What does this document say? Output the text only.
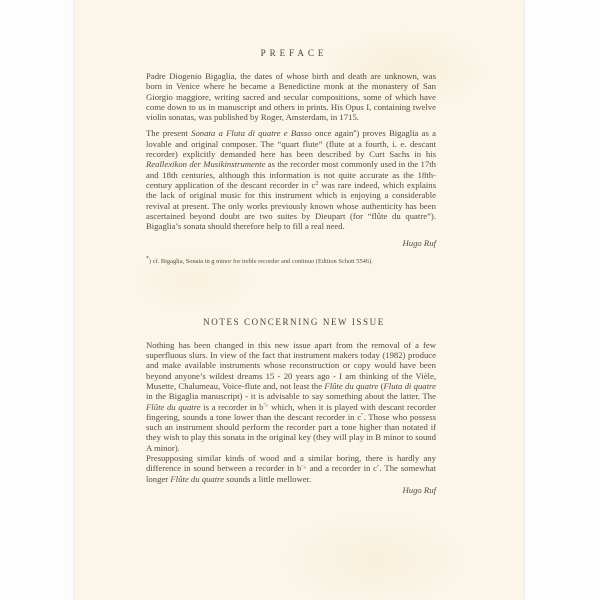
PREFACE

Padre Diogenio Bigaglia, the dates of whose birth and death are unknown, was born in Venice where he became a Benedictine monk at the monastery of San Giorgio maggiore, writing sacred and secular compositions, some of which have come down to us in manuscript and others in prints. His Opus I, containing twelve violin sonatas, was published by Roger, Amsterdam, in 1715.

The present Sonata a Fluta di quatre e Basso once again*) proves Bigaglia as a lovable and original composer. The “quart flute” (flute at a fourth, i. e. descant recorder) explicitly demanded here has been described by Curt Sachs in his Reallexikon der Musikinstrumente as the recorder most commonly used in the 17th and 18th centuries, although this information is not quite accurate as the 18th-century application of the descant recorder in $c^2$ was rare indeed, which explains the lack of original music for this instrument which is enjoying a considerable revival at present. The only works previously known whose authenticity has been ascertained beyond doubt are two suites by Dieupart (for “flûte du quatre”). Bigaglia’s sonata should therefore help to fill a real need.

Hugo Ruf
*) cf. Bigaglia, Sonata in g minor for treble recorder and continuo (Edition Schott 5546).
NOTES CONCERNING NEW ISSUE

Nothing has been changed in this new issue apart from the removal of a few superfluous slurs. In view of the fact that instrument makers today (1982) produce and make available instruments whose reconstruction or copy would have been beyond anyone’s wildest dreams 15 - 20 years ago - I am thinking of the Vièle, Musette, Chalumeau, Voice-flute and, not least the Flûte du quatre (Fluta di quatre in the Bigaglia manuscript) - it is advisable to say something about the latter. The Flûte du quatre is a recorder in b′♭ which, when it is played with descant recorder fingering, sounds a tone lower than the descant recorder in c″. Those who possess such an instrument should perform the recorder part a tone higher than notated if they wish to play this sonata in the original key (they will play in B minor to sound A minor).

Presupposing similar kinds of wood and a similar boring, there is hardly any difference in sound between a recorder in b′♭ and a recorder in c″. The somewhat longer Flûte du quatre sounds a little mellower.

Hugo Ruf
